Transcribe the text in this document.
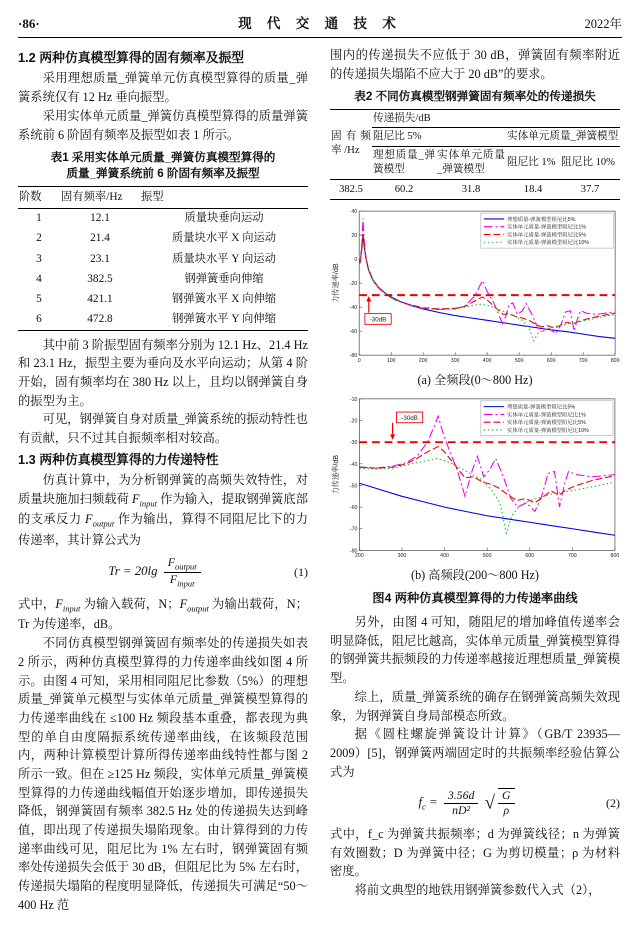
·86·	现 代 交 通 技 术	2022年
1.2 两种仿真模型算得的固有频率及振型

采用理想质量_弹簧单元仿真模型算得的质量_弹簧系统仅有 12 Hz 垂向振型。

采用实体单元质量_弹簧仿真模型算得的质量弹簧系统前 6 阶固有频率及振型如表 1 所示。

表1 采用实体单元质量_弹簧仿真模型算得的
质量_弹簧系统前 6 阶固有频率及振型
阶数	固有频率/Hz	振型
1	12.1	质量块垂向运动
2	21.4	质量块水平 X 向运动
3	23.1	质量块水平 Y 向运动
4	382.5	钢弹簧垂向伸缩
5	421.1	钢弹簧水平 X 向伸缩
6	472.8	钢弹簧水平 Y 向伸缩

其中前 3 阶振型固有频率分别为 12.1 Hz、21.4 Hz 和 23.1 Hz，振型主要为垂向及水平向运动；从第 4 阶开始，固有频率均在 380 Hz 以上，且均以钢弹簧自身的振型为主。

可见，钢弹簧自身对质量_弹簧系统的振动特性也有贡献，只不过其自振频率相对较高。

1.3 两种仿真模型算得的力传递特性

仿真计算中，为分析钢弹簧的高频失效特性，对质量块施加扫频载荷 $F_{input}$ 作为输入，提取钢弹簧底部的支承反力 $F_{output}$ 作为输出，算得不同阻尼比下的力传递率，其计算公式为

$Tr = 20\lg \frac{F_{output}}{F_{input}}$	(1)

式中，$F_{input}$ 为输入载荷，N；$F_{output}$ 为输出载荷，N；Tr 为传递率，dB。

不同仿真模型钢弹簧固有频率处的传递损失如表 2 所示，两种仿真模型算得的力传递率曲线如图 4 所示。由图 4 可知，采用相同阻尼比参数（5%）的理想质量_弹簧单元模型与实体单元质量_弹簧模型算得的力传递率曲线在 ≤100 Hz 频段基本重叠，都表现为典型的单自由度隔振系统传递率曲线，在该频段范围内，两种计算模型计算所得传递率曲线特性都与图 2 所示一致。但在 ≥125 Hz 频段，实体单元质量_弹簧模型算得的力传递曲线幅值开始逐步增加，即传递损失降低，钢弹簧固有频率 382.5 Hz 处的传递损失达到峰值，即出现了传递损失塌陷现象。由计算得到的力传递率曲线可见，阻尼比为 1% 左右时，钢弹簧固有频率处传递损失会低于 30 dB，但阻尼比为 5% 左右时，传递损失塌陷的程度明显降低，传递损失可满足“50～400 Hz 范

围内的传递损失不应低于 30 dB，弹簧固有频率附近的传递损失塌陷不应大于 20 dB”的要求。

表2 不同仿真模型钢弹簧固有频率处的传递损失
固有频率 /Hz	传递损失/dB			
	阻尼比 5%		实体单元质量_弹簧模型	
	理想质量_弹簧模型	实体单元质量_弹簧模型	阻尼比 1%	阻尼比 10%
382.5	60.2	31.8	18.4	37.7
0	100	200	300	400	500	600	700	800
40
20
0
-20
-40
-60
-80
力传递率/dB
-30dB
理想质量-弹簧模型阻尼比5%
实体单元质量-弹簧模型阻尼比1%
实体单元质量-弹簧模型阻尼比5%
实体单元质量-弹簧模型阻尼比10%
(a) 全频段(0～800 Hz)
200	300	400	500	600	700	800
-10
-20
-30
-40
-50
-60
-70
-80
力传递率/dB
-30dB
理想质量-弹簧模型阻尼比5%
实体单元质量-弹簧模型阻尼比1%
实体单元质量-弹簧模型阻尼比5%
实体单元质量-弹簧模型阻尼比10%
(b) 高频段(200～800 Hz)
图4 两种仿真模型算得的力传递率曲线

另外，由图 4 可知，随阻尼的增加峰值传递率会明显降低，阻尼比越高，实体单元质量_弹簧模型算得的钢弹簧共振频段的力传递率越接近理想质量_弹簧模型。

综上，质量_弹簧系统的确存在钢弹簧高频失效现象，为钢弹簧自身局部模态所致。

据《圆柱螺旋弹簧设计计算》（GB/T 23935—2009）[5]，钢弹簧两端固定时的共振频率经验估算公式为

$f_c = \frac{3.56d}{\text{nD²}}$ √ $\frac{G}{\rho}$	(2)

式中，f_c 为弹簧共振频率；d 为弹簧线径；n 为弹簧有效圈数；D 为弹簧中径；G 为剪切模量；ρ 为材料密度。

将前文典型的地铁用钢弹簧参数代入式（2），
